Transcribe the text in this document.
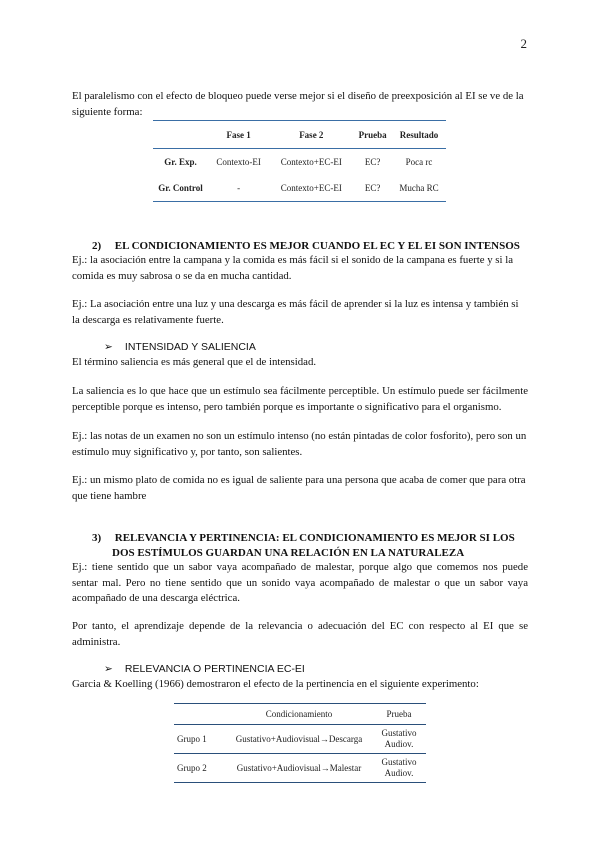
2
El paralelismo con el efecto de bloqueo puede verse mejor si el diseño de preexposición al EI se ve de la siguiente forma:
	Fase 1	Fase 2	Prueba	Resultado
Gr. Exp.	Contexto-EI	Contexto+EC-EI	EC?	Poca rc
Gr. Control	-	Contexto+EC-EI	EC?	Mucha RC
2) EL CONDICIONAMIENTO ES MEJOR CUANDO EL EC Y EL EI SON INTENSOS
Ej.: la asociación entre la campana y la comida es más fácil si el sonido de la campana es fuerte y si la comida es muy sabrosa o se da en mucha cantidad.
Ej.: La asociación entre una luz y una descarga es más fácil de aprender si la luz es intensa y también si la descarga es relativamente fuerte.
➢ INTENSIDAD Y SALIENCIA
El término saliencia es más general que el de intensidad.
La saliencia es lo que hace que un estímulo sea fácilmente perceptible. Un estímulo puede ser fácilmente perceptible porque es intenso, pero también porque es importante o significativo para el organismo.
Ej.: las notas de un examen no son un estímulo intenso (no están pintadas de color fosforito), pero son un estímulo muy significativo y, por tanto, son salientes.
Ej.: un mismo plato de comida no es igual de saliente para una persona que acaba de comer que para otra que tiene hambre
3) RELEVANCIA Y PERTINENCIA: EL CONDICIONAMIENTO ES MEJOR SI LOS
DOS ESTÍMULOS GUARDAN UNA RELACIÓN EN LA NATURALEZA
Ej.: tiene sentido que un sabor vaya acompañado de malestar, porque algo que comemos nos puede sentar mal. Pero no tiene sentido que un sonido vaya acompañado de malestar o que un sabor vaya acompañado de una descarga eléctrica.
Por tanto, el aprendizaje depende de la relevancia o adecuación del EC con respecto al EI que se administra.
➢ RELEVANCIA O PERTINENCIA EC-EI
Garcia & Koelling (1966) demostraron el efecto de la pertinencia en el siguiente experimento:
	Condicionamiento	Prueba
Grupo 1	Gustativo+Audiovisual→Descarga	Gustativo
Audiov.

Grupo 2	Gustativo+Audiovisual→Malestar	Gustativo
Audiov.
